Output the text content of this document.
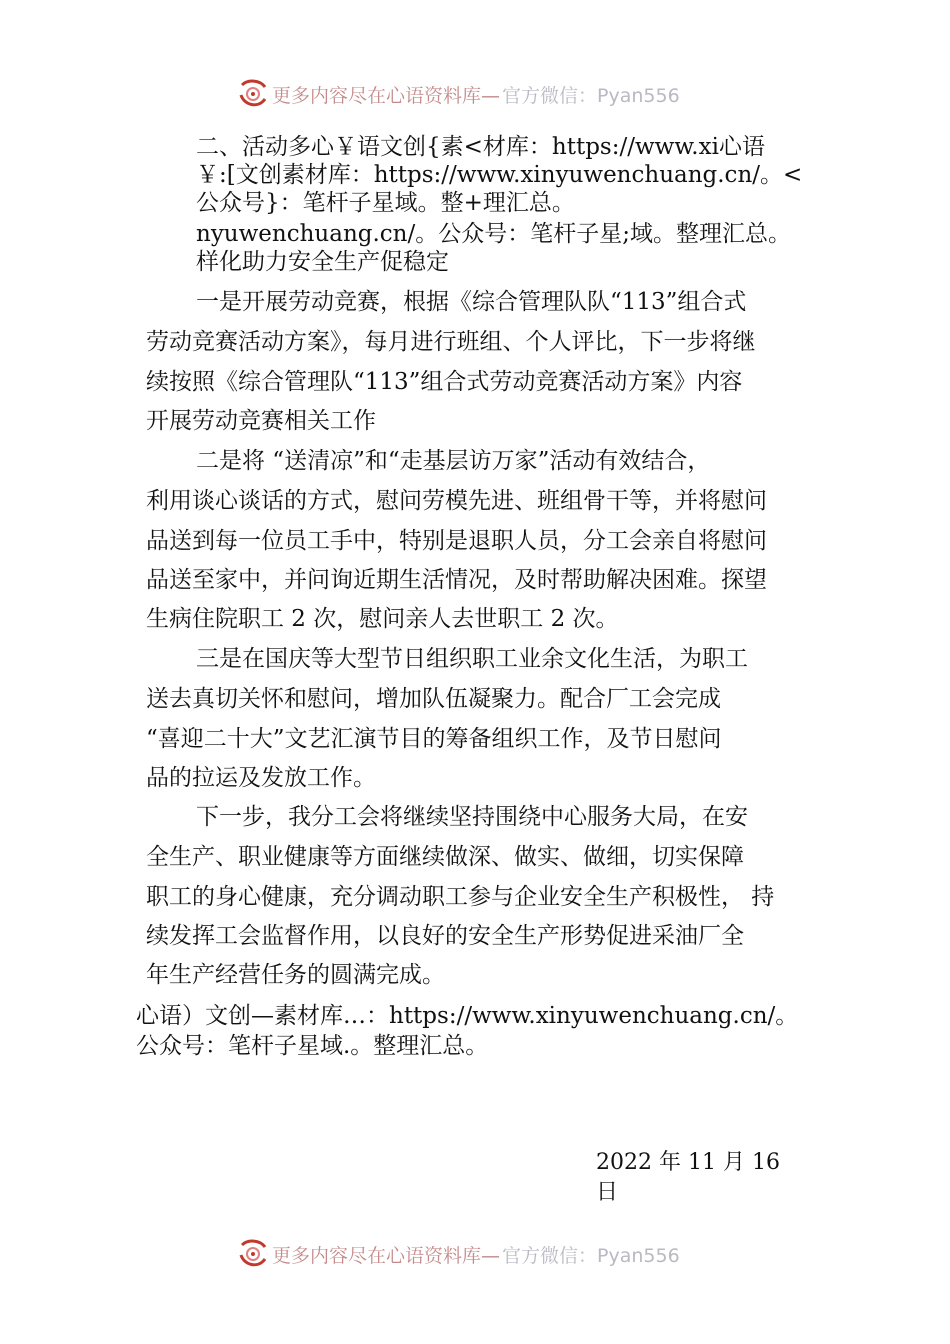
更多内容尽在心语资料库— 官方微信：Pyan556

二、活动多心￥语文创{素<材库：https://www.xi心语

￥:[文创素材库：https://www.xinyuwenchuang.cn/。<

公众号}：笔杆子星域。整+理汇总。

nyuwenchuang.cn/。公众号：笔杆子星;域。整理汇总。

样化助力安全生产促稳定

一是开展劳动竞赛，根据《综合管理队队“113”组合式

劳动竞赛活动方案》，每月进行班组、个人评比，下一步将继

续按照《综合管理队“113”组合式劳动竞赛活动方案》内容

开展劳动竞赛相关工作

二是将 “送清凉”和“走基层访万家”活动有效结合，

利用谈心谈话的方式，慰问劳模先进、班组骨干等，并将慰问

品送到每一位员工手中，特别是退职人员，分工会亲自将慰问

品送至家中，并问询近期生活情况，及时帮助解决困难。探望

生病住院职工 2 次，慰问亲人去世职工 2 次。

三是在国庆等大型节日组织职工业余文化生活，为职工

送去真切关怀和慰问，增加队伍凝聚力。配合厂工会完成

“喜迎二十大”文艺汇演节目的筹备组织工作，及节日慰问

品的拉运及发放工作。

下一步，我分工会将继续坚持围绕中心服务大局，在安

全生产、职业健康等方面继续做深、做实、做细，切实保障

职工的身心健康，充分调动职工参与企业安全生产积极性， 持

续发挥工会监督作用，以良好的安全生产形势促进采油厂全

年生产经营任务的圆满完成。

心语）文创—素材库…：https://www.xinyuwenchuang.cn/。

公众号：笔杆子星域.。整理汇总。

2022 年 11 月 16 日

更多内容尽在心语资料库— 官方微信：Pyan556
